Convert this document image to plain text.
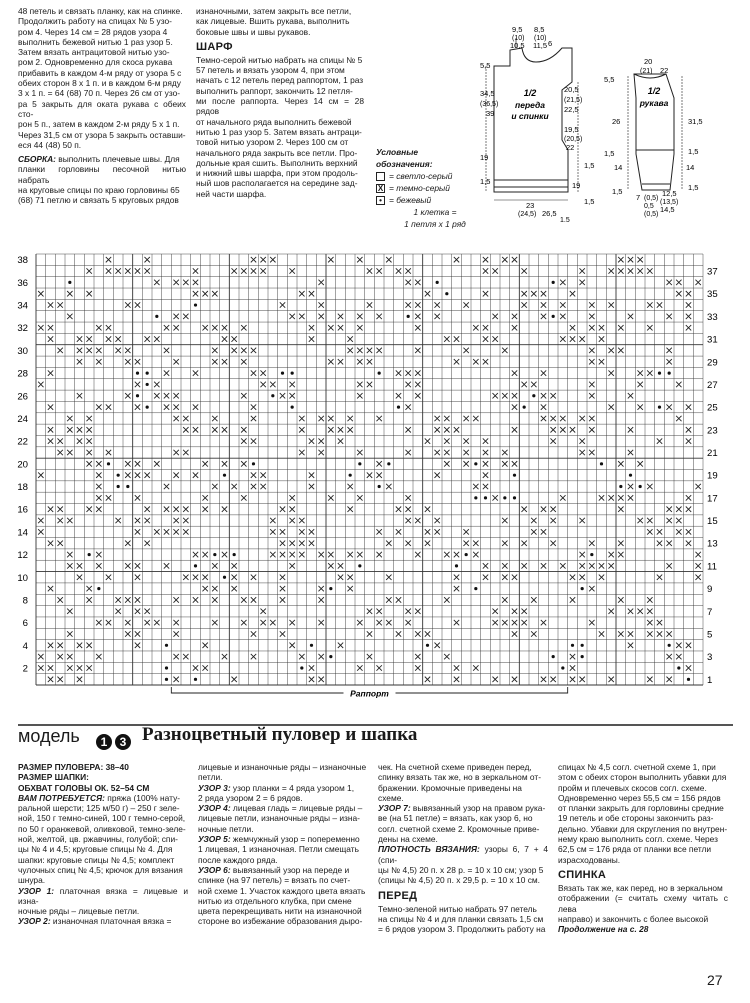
48 петель и связать планку, как на спинке.

Продолжить работу на спицах № 5 узо-

ром 4. Через 14 см = 28 рядов узора 4

выполнить бежевой нитью 1 раз узор 5.

Затем вязать антрацитовой нитью узо-

ром 2. Одновременно для скоса рукава

прибавить в каждом 4-м ряду от узора 5 с

обеих сторон 8 х 1 п. и в каждом 6-м ряду

3 х 1 п. = 64 (68) 70 п. Через 26 см от узо-

ра 5 закрыть для оката рукава с обеих сто-

рон 5 п., затем в каждом 2-м ряду 5 х 1 п.

Через 31,5 см от узора 5 закрыть оставши-

еся 44 (48) 50 п.

СБОРКА: выполнить плечевые швы. Для

планки горловины песочной нитью набрать

на круговые спицы по краю горловины 65

(68) 71 петлю и связать 5 круговых рядов

изнаночными, затем закрыть все петли,

как лицевые. Вшить рукава, выполнить

боковые швы и швы рукавов.

ШАРФ

Темно-серой нитью набрать на спицы № 5

57 петель и вязать узором 4, при этом

начать с 12 петель перед раппортом, 1 раз

выполнить раппорт, закончить 12 петля-

ми после раппорта. Через 14 см = 28 рядов

от начального ряда выполнить бежевой

нитью 1 раз узор 5. Затем вязать антраци-

товой нитью узором 2. Через 100 см от

начального ряда закрыть все петли. Про-

дольные края сшить. Выполнить верхний

и нижний швы шарфа, при этом продоль-

ный шов располагается на середине зад-

ней части шарфа.

Условные
обозначения:
= светло-серый
X = темно-серый
• = бежевый
1 клетка =
1 петля х 1 ряд
1/2
переда
и спинки
9,5 8,5
(10) (10)
10,5 11,5 6
5,5
34,5
(36,5)
39
19
1,5
20,5
(21,5)
22,5
19,5
(20,5)
22
1,5
19
1,5
23
(24,5) 26,5
1,5
20
(21) 22
5,5
26
1,5
14
1,5
31,5
1,5
14
1,5
1/2
рукава
12,5
(13,5)
14,5
7 (0,5)
0,5
(0,5)
38
36
34
32
30
28
26
24
22
20
18
16
14
12
10
8
6
4
2
37
35
33
31
29
27
25
23
21
19
17
15
13
11
9
7
5
3
1
Раппорт
модель	1	3 Разноцветный пуловер и шапка

РАЗМЕР ПУЛОВЕРА: 38–40

РАЗМЕР ШАПКИ:

ОБХВАТ ГОЛОВЫ ОК. 52–54 СМ

ВАМ ПОТРЕБУЕТСЯ: пряжа (100% нату-

ральной шерсти; 125 м/50 г) – 250 г зеле-

ной, 150 г темно-синей, 100 г темно-серой,

по 50 г оранжевой, оливковой, темно-зеле-

ной, желтой, цв. ржавчины, голубой; спи-

цы № 4 и 4,5; круговые спицы № 4. Для

шапки: круговые спицы № 4,5; комплект

чулочных спиц № 4,5; крючок для вязания

шнура.

УЗОР 1: платочная вязка = лицевые и изна-

ночные ряды – лицевые петли.

УЗОР 2: изнаночная платочная вязка =

лицевые и изнаночные ряды – изнаночные

петли.

УЗОР 3: узор планки = 4 ряда узором 1,

2 ряда узором 2 = 6 рядов.

УЗОР 4: лицевая гладь = лицевые ряды –

лицевые петли, изнаночные ряды – изна-

ночные петли.

УЗОР 5: жемчужный узор = попеременно

1 лицевая, 1 изнаночная. Петли смещать

после каждого ряда.

УЗОР 6: вывязанный узор на переде и

спинке (на 97 петель) = вязать по счет-

ной схеме 1. Участок каждого цвета вязать

нитью из отдельного клубка, при смене

цвета перекрещивать нити на изнаночной

стороне во избежание образования дыро-

чек. На счетной схеме приведен перед,

спинку вязать так же, но в зеркальном от-

бражении. Кромочные приведены на

схеме.

УЗОР 7: вывязанный узор на правом рука-

ве (на 51 петле) = вязать, как узор 6, но

согл. счетной схеме 2. Кромочные приве-

дены на схеме.

ПЛОТНОСТЬ ВЯЗАНИЯ: узоры 6, 7 + 4 (спи-

цы № 4,5) 20 п. х 28 р. = 10 х 10 см; узор 5

(спицы № 4,5) 20 п. х 29,5 р. = 10 х 10 см.

ПЕРЕД

Темно-зеленой нитью набрать 97 петель

на спицы № 4 и для планки связать 1,5 см

= 6 рядов узором 3. Продолжить работу на

спицах № 4,5 согл. счетной схеме 1, при

этом с обеих сторон выполнить убавки для

пройм и плечевых скосов согл. схеме.

Одновременно через 55,5 см = 156 рядов

от планки закрыть для горловины средние

19 петель и обе стороны закончить раз-

дельно. Убавки для скругления по внутрен-

нему краю выполнить согл. схеме. Через

62,5 см = 176 ряда от планки все петли

израсходованы.

СПИНКА

Вязать так же, как перед, но в зеркальном

отображении (= считать схему читать с лева

направо) и закончить с более высокой

Продолжение на с. 28

27
